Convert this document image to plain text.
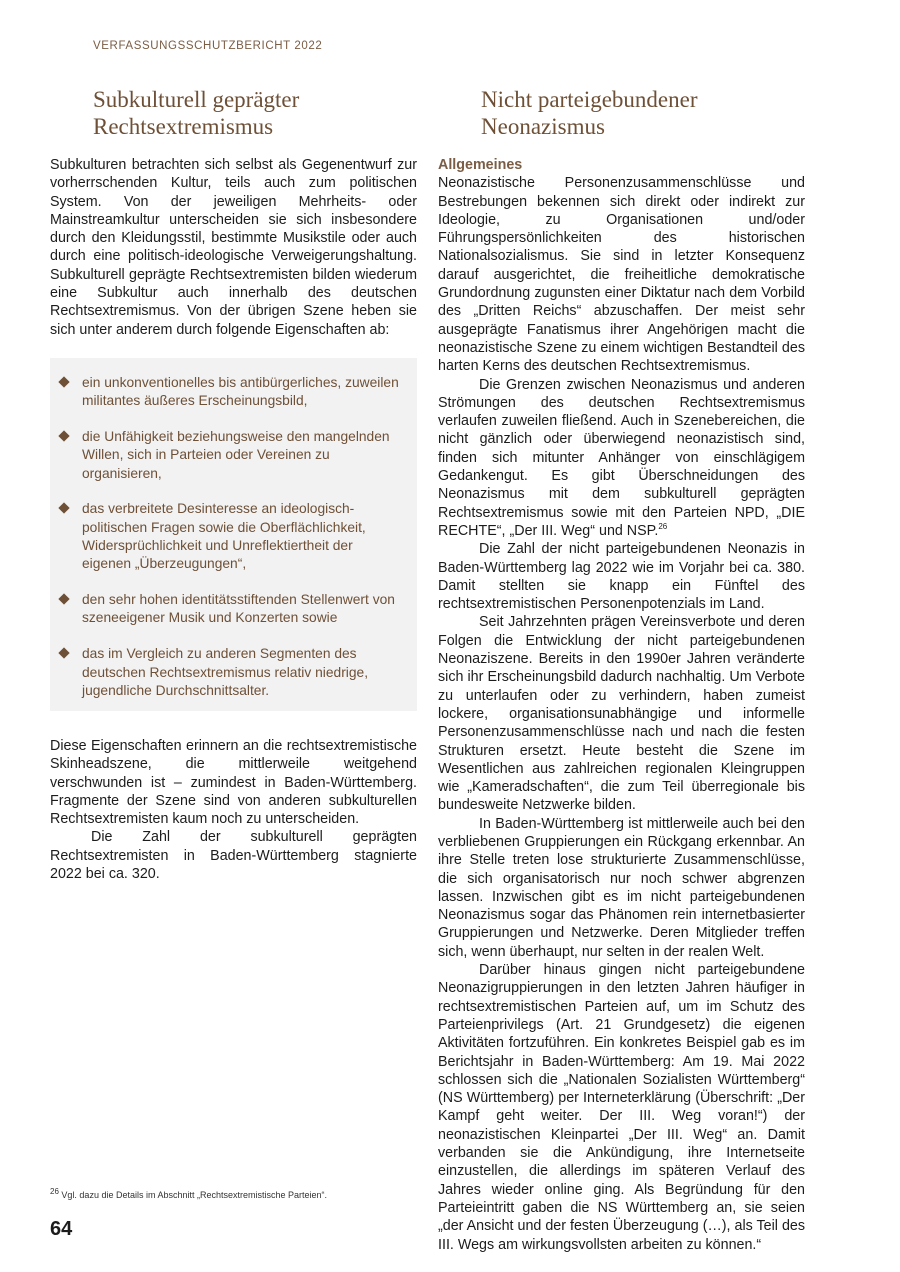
VERFASSUNGSSCHUTZBERICHT 2022
Subkulturell geprägter
Rechtsextremismus
Nicht parteigebundener
Neonazismus

Subkulturen betrachten sich selbst als Gegenentwurf zur vorherrschenden Kultur, teils auch zum politischen System. Von der jeweiligen Mehrheits- oder Mainstreamkultur unterscheiden sie sich insbesondere durch den Kleidungsstil, bestimmte Musikstile oder auch durch eine politisch-ideologische Verweigerungshaltung. Subkulturell geprägte Rechtsextremisten bilden wiederum eine Subkultur auch innerhalb des deutschen Rechtsextremismus. Von der übrigen Szene heben sie sich unter anderem durch folgende Eigenschaften ab:

ein unkonventionelles bis antibürgerliches, zuweilen militantes äußeres Erscheinungsbild,
die Unfähigkeit beziehungsweise den mangelnden Willen, sich in Parteien oder Vereinen zu organisieren,
das verbreitete Desinteresse an ideologisch-politischen Fragen sowie die Oberflächlichkeit, Widersprüchlichkeit und Unreflektiertheit der eigenen „Überzeugungen“,
den sehr hohen identitätsstiftenden Stellenwert von szeneeigener Musik und Konzerten sowie
das im Vergleich zu anderen Segmenten des deutschen Rechtsextremismus relativ niedrige, jugendliche Durchschnittsalter.

Diese Eigenschaften erinnern an die rechtsextremistische Skinheadszene, die mittlerweile weitgehend verschwunden ist – zumindest in Baden-Württemberg. Fragmente der Szene sind von anderen subkulturellen Rechtsextremisten kaum noch zu unterscheiden.

Die Zahl der subkulturell geprägten Rechtsextremisten in Baden-Württemberg stagnierte 2022 bei ca. 320.

Allgemeines

Neonazistische Personenzusammenschlüsse und Bestrebungen bekennen sich direkt oder indirekt zur Ideologie, zu Organisationen und/oder Führungspersönlichkeiten des historischen Nationalsozialismus. Sie sind in letzter Konsequenz darauf ausgerichtet, die freiheitliche demokratische Grundordnung zugunsten einer Diktatur nach dem Vorbild des „Dritten Reichs“ abzuschaffen. Der meist sehr ausgeprägte Fanatismus ihrer Angehörigen macht die neonazistische Szene zu einem wichtigen Bestandteil des harten Kerns des deutschen Rechtsextremismus.

Die Grenzen zwischen Neonazismus und anderen Strömungen des deutschen Rechtsextremismus verlaufen zuweilen fließend. Auch in Szenebereichen, die nicht gänzlich oder überwiegend neonazistisch sind, finden sich mitunter Anhänger von einschlägigem Gedankengut. Es gibt Überschneidungen des Neonazismus mit dem subkulturell geprägten Rechtsextremismus sowie mit den Parteien NPD, „DIE RECHTE“, „Der III. Weg“ und NSP.$^{26}$

Die Zahl der nicht parteigebundenen Neonazis in Baden-Württemberg lag 2022 wie im Vorjahr bei ca. 380. Damit stellten sie knapp ein Fünftel des rechtsextremistischen Personenpotenzials im Land.

Seit Jahrzehnten prägen Vereinsverbote und deren Folgen die Entwicklung der nicht parteigebundenen Neonaziszene. Bereits in den 1990er Jahren veränderte sich ihr Erscheinungsbild dadurch nachhaltig. Um Verbote zu unterlaufen oder zu verhindern, haben zumeist lockere, organisationsunabhängige und informelle Personenzusammenschlüsse nach und nach die festen Strukturen ersetzt. Heute besteht die Szene im Wesentlichen aus zahlreichen regionalen Kleingruppen wie „Kameradschaften“, die zum Teil überregionale bis bundesweite Netzwerke bilden.

In Baden-Württemberg ist mittlerweile auch bei den verbliebenen Gruppierungen ein Rückgang erkennbar. An ihre Stelle treten lose strukturierte Zusammenschlüsse, die sich organisatorisch nur noch schwer abgrenzen lassen. Inzwischen gibt es im nicht parteigebundenen Neonazismus sogar das Phänomen rein internetbasierter Gruppierungen und Netzwerke. Deren Mitglieder treffen sich, wenn überhaupt, nur selten in der realen Welt.

Darüber hinaus gingen nicht parteigebundene Neonazigruppierungen in den letzten Jahren häufiger in rechtsextremistischen Parteien auf, um im Schutz des Parteienprivilegs (Art. 21 Grundgesetz) die eigenen Aktivitäten fortzuführen. Ein konkretes Beispiel gab es im Berichtsjahr in Baden-Württemberg: Am 19. Mai 2022 schlossen sich die „Nationalen Sozialisten Württemberg“ (NS Württemberg) per Interneterklärung (Überschrift: „Der Kampf geht weiter. Der III. Weg voran!“) der neonazistischen Kleinpartei „Der III. Weg“ an. Damit verbanden sie die Ankündigung, ihre Internetseite einzustellen, die allerdings im späteren Verlauf des Jahres wieder online ging. Als Begründung für den Parteieintritt gaben die NS Württemberg an, sie seien „der Ansicht und der festen Überzeugung (…), als Teil des III. Wegs am wirkungsvollsten arbeiten zu können.“

$^{26}$ Vgl. dazu die Details im Abschnitt „Rechtsextremistische Parteien“.
64
